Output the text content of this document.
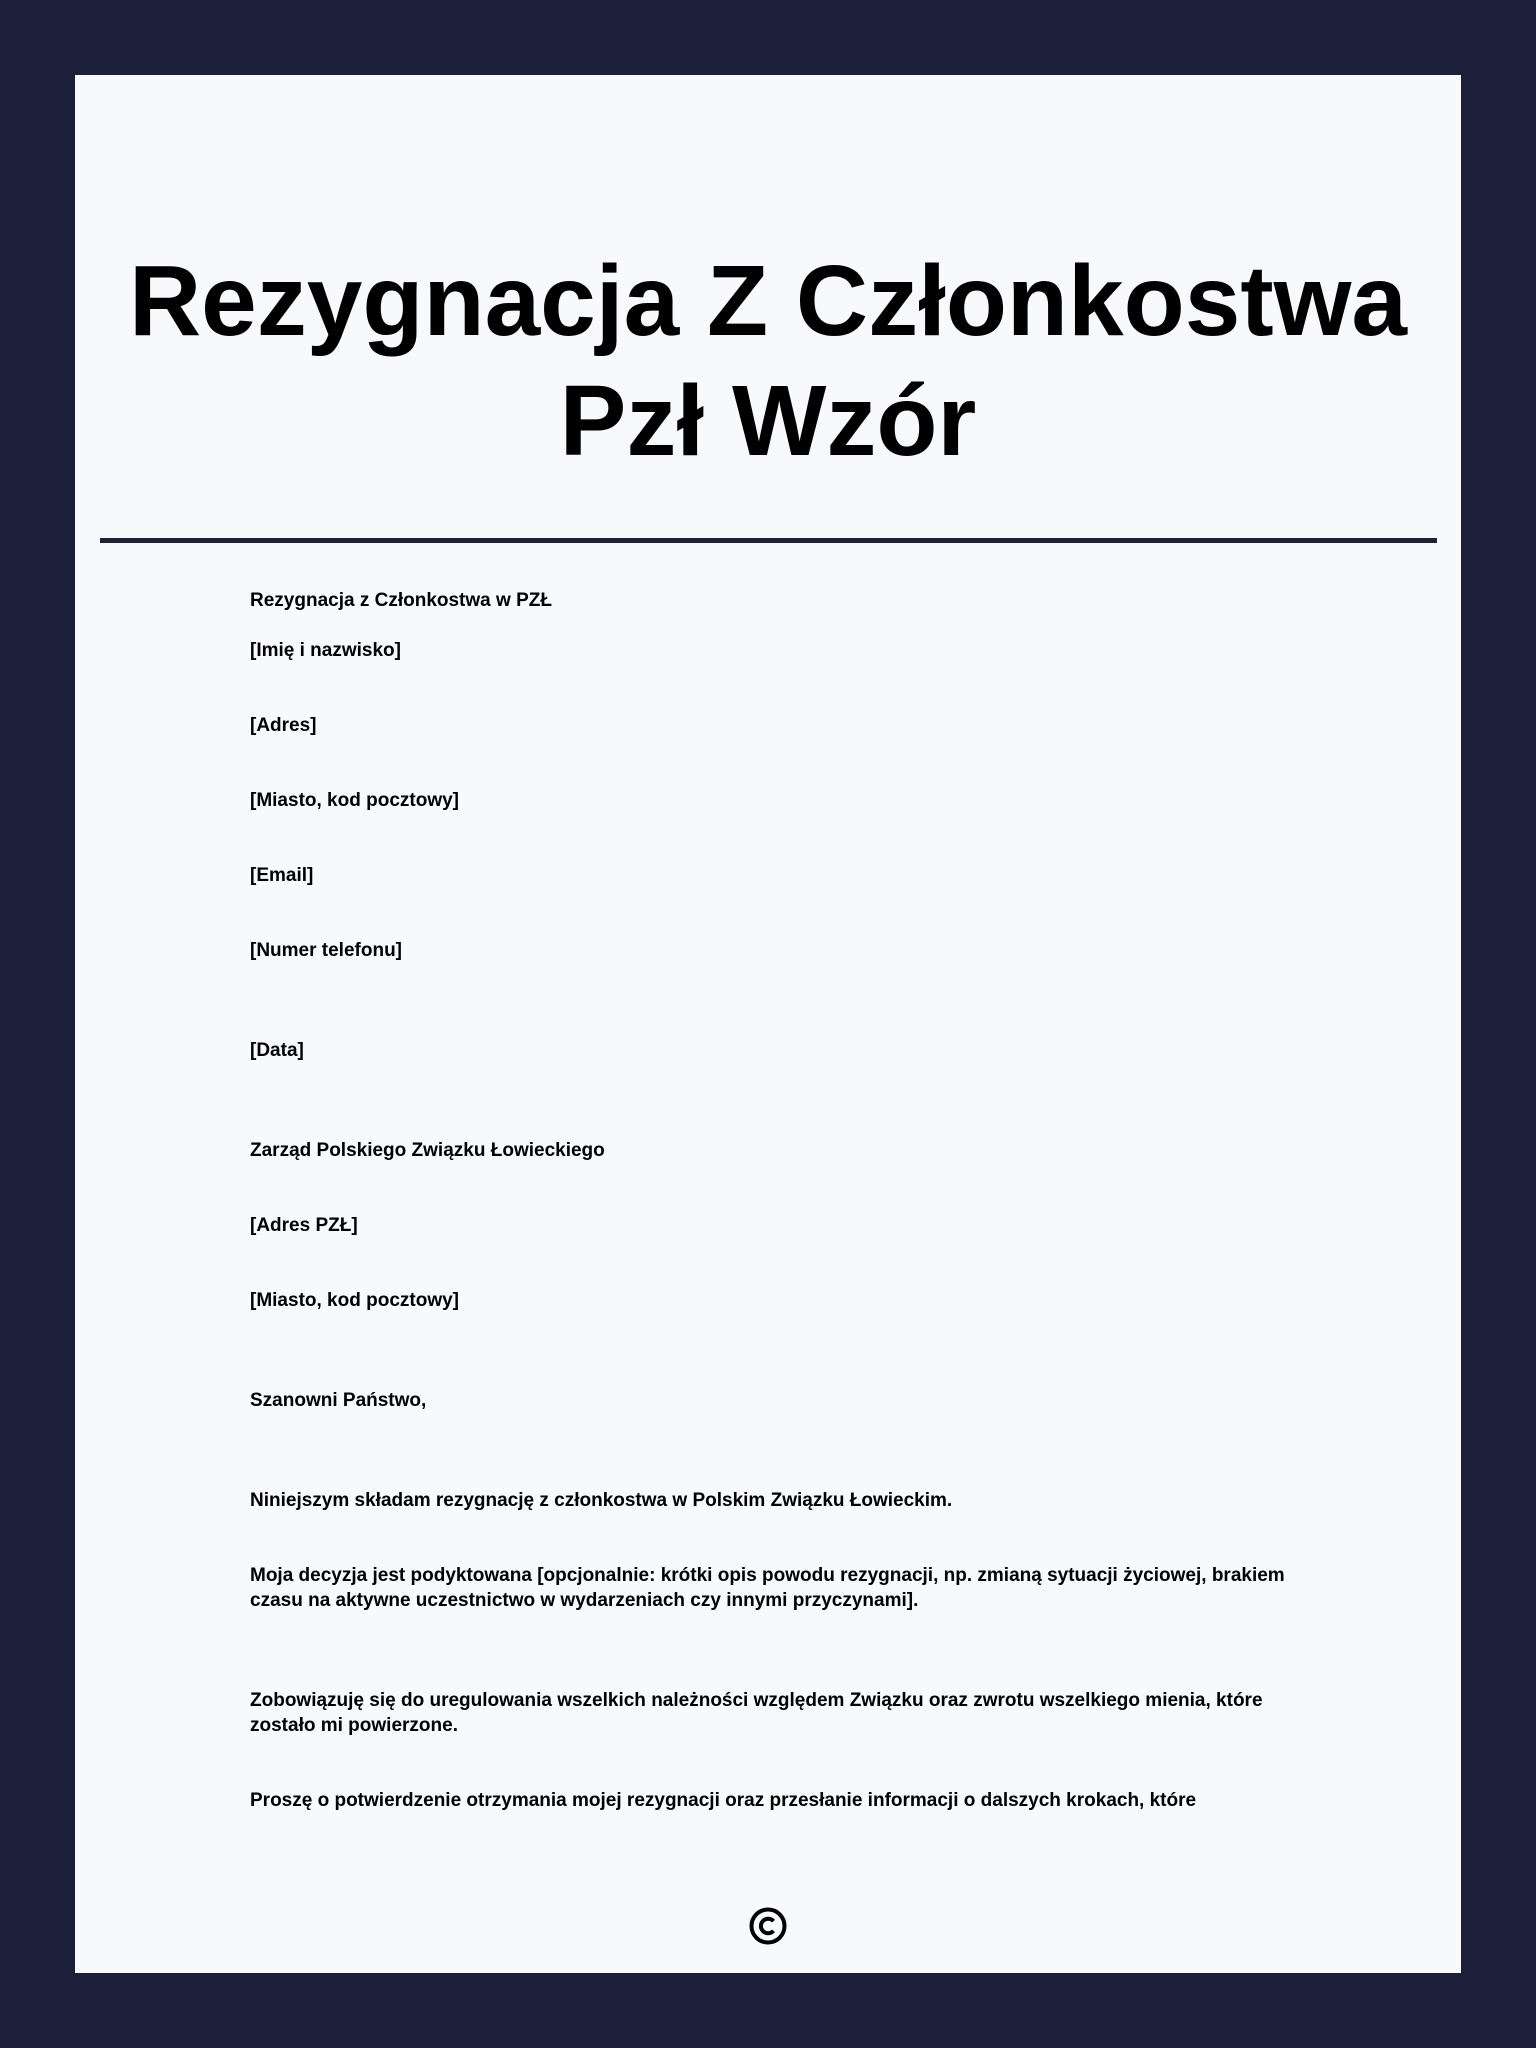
Rezygnacja Z Członkostwa
Pzł Wzór

Rezygnacja z Członkostwa w PZŁ

[Imię i nazwisko]

[Adres]

[Miasto, kod pocztowy]

[Email]

[Numer telefonu]

[Data]

Zarząd Polskiego Związku Łowieckiego

[Adres PZŁ]

[Miasto, kod pocztowy]

Szanowni Państwo,

Niniejszym składam rezygnację z członkostwa w Polskim Związku Łowieckim.

Moja decyzja jest podyktowana [opcjonalnie: krótki opis powodu rezygnacji, np. zmianą sytuacji życiowej, brakiem czasu na aktywne uczestnictwo w wydarzeniach czy innymi przyczynami].

Zobowiązuję się do uregulowania wszelkich należności względem Związku oraz zwrotu wszelkiego mienia, które zostało mi powierzone.

Proszę o potwierdzenie otrzymania mojej rezygnacji oraz przesłanie informacji o dalszych krokach, które
